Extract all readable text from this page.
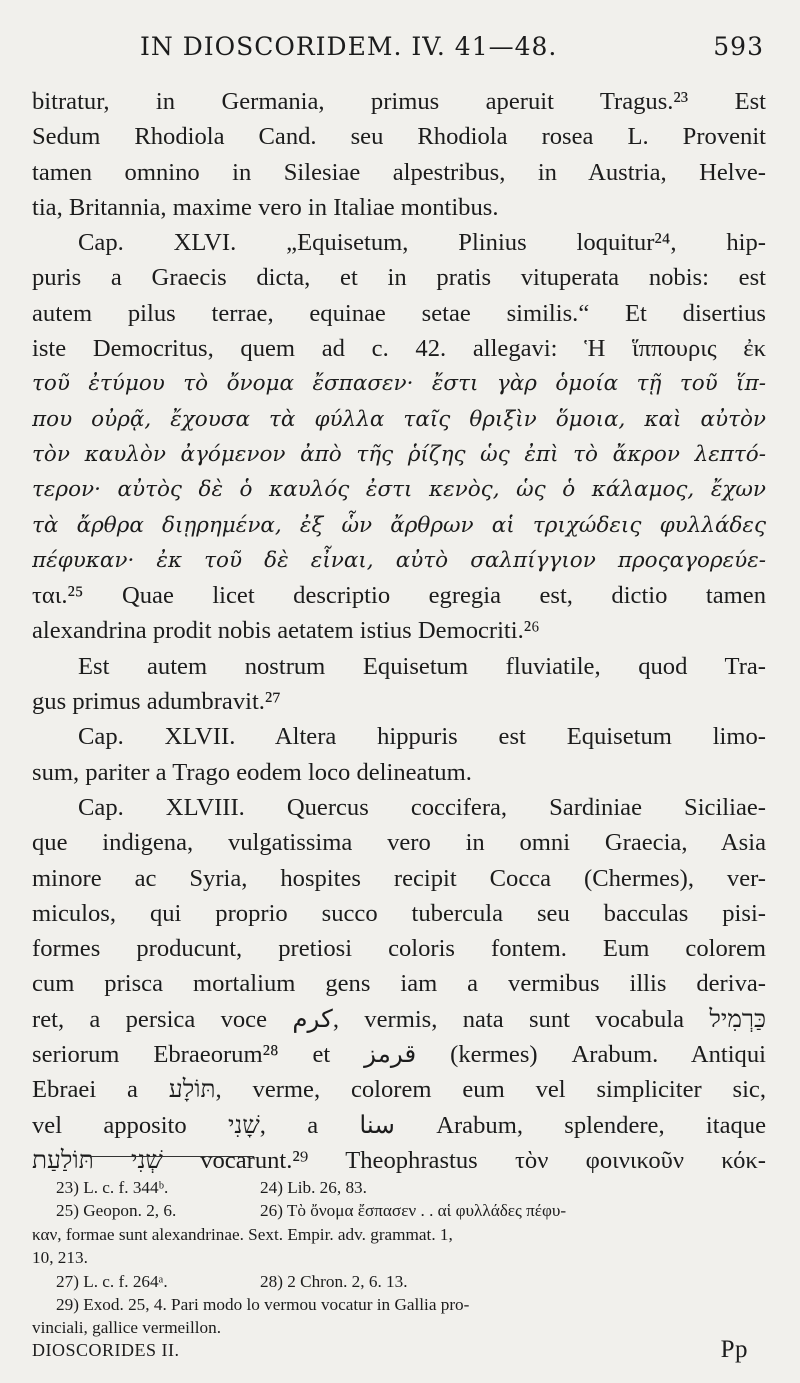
IN DIOSCORIDEM. IV. 41—48.	593
bitratur, in Germania, primus aperuit Tragus.²³ Est
Sedum Rhodiola Cand. seu Rhodiola rosea L. Provenit
tamen omnino in Silesiae alpestribus, in Austria, Helve-
tia, Britannia, maxime vero in Italiae montibus.
Cap. XLVI. „Equisetum, Plinius loquitur²⁴, hip-
puris a Graecis dicta, et in pratis vituperata nobis: est
autem pilus terrae, equinae setae similis.“ Et disertius
iste Democritus, quem ad c. 42. allegavi: Ἡ ἵππουρις ἐκ
τοῦ ἐτύμου τὸ ὄνομα ἔσπασεν· ἔστι γὰρ ὁμοία τῇ τοῦ ἵπ-
που οὐρᾷ, ἔχουσα τὰ φύλλα ταῖς θριξὶν ὅμοια, καὶ αὐτὸν
τὸν καυλὸν ἀγόμενον ἀπὸ τῆς ῥίζης ὡς ἐπὶ τὸ ἄκρον λεπτό-
τερον· αὐτὸς δὲ ὁ καυλός ἐστι κενὸς, ὡς ὁ κάλαμος, ἔχων
τὰ ἄρθρα διῃρημένα, ἐξ ὧν ἄρθρων αἱ τριχώδεις φυλλάδες
πέφυκαν· ἐκ τοῦ δὲ εἶναι, αὐτὸ σαλπίγγιον προςαγορεύε-
ται.²⁵ Quae licet descriptio egregia est, dictio tamen
alexandrina prodit nobis aetatem istius Democriti.²⁶
Est autem nostrum Equisetum fluviatile, quod Tra-
gus primus adumbravit.²⁷
Cap. XLVII. Altera hippuris est Equisetum limo-
sum, pariter a Trago eodem loco delineatum.
Cap. XLVIII. Quercus coccifera, Sardiniae Siciliae-
que indigena, vulgatissima vero in omni Graecia, Asia
minore ac Syria, hospites recipit Cocca (Chermes), ver-
miculos, qui proprio succo tubercula seu bacculas pisi-
formes producunt, pretiosi coloris fontem. Eum colorem
cum prisca mortalium gens iam a vermibus illis deriva-
ret, a persica voce كرم, vermis, nata sunt vocabula כַּרְמִיל
seriorum Ebraeorum²⁸ et قرمز (kermes) Arabum. Antiqui
Ebraei a תּוֹלָע, verme, colorem eum vel simpliciter sic,
vel apposito שָׁנִי, a سنا Arabum, splendere, itaque
שְׁנִי תּוֹלַעַת vocarunt.²⁹ Theophrastus τὸν φοινικοῦν κόκ-
23) L. c. f. 344ᵇ.	24) Lib. 26, 83.
25) Geopon. 2, 6.	26) Τὸ ὄνομα ἔσπασεν . . αἱ φυλλάδες πέφυ-
καν, formae sunt alexandrinae. Sext. Empir. adv. grammat. 1,
10, 213.
27) L. c. f. 264ᵃ.	28) 2 Chron. 2, 6. 13.
29) Exod. 25, 4. Pari modo lo vermou vocatur in Gallia pro-
vinciali, gallice vermeillon.
DIOSCORIDES II.	Pp
